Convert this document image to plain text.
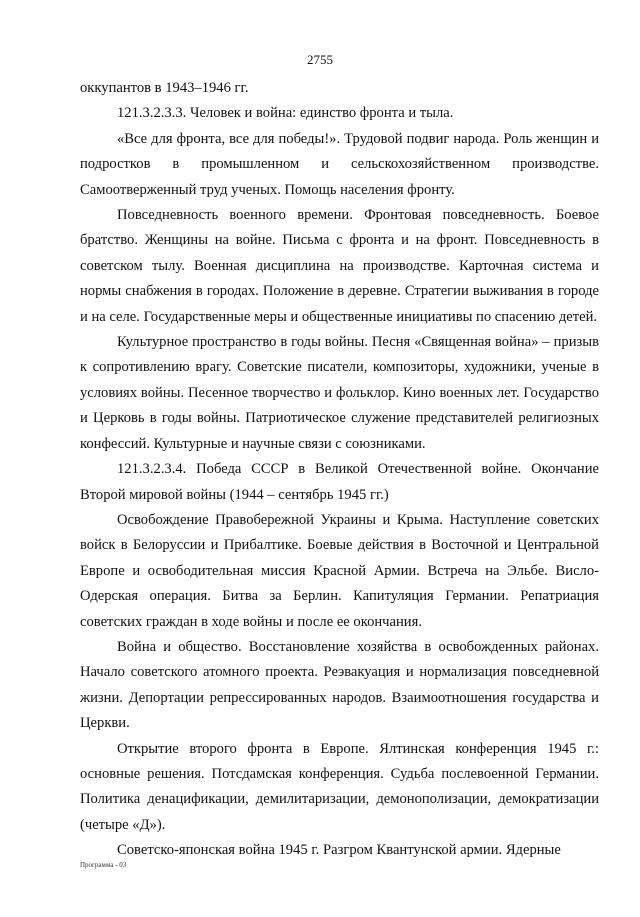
2755

оккупантов в 1943–1946 гг.

121.3.2.3.3. Человек и война: единство фронта и тыла.

«Все для фронта, все для победы!». Трудовой подвиг народа. Роль женщин и подростков в промышленном и сельскохозяйственном производстве. Самоотверженный труд ученых. Помощь населения фронту.

Повседневность военного времени. Фронтовая повседневность. Боевое братство. Женщины на войне. Письма с фронта и на фронт. Повседневность в советском тылу. Военная дисциплина на производстве. Карточная система и нормы снабжения в городах. Положение в деревне. Стратегии выживания в городе и на селе. Государственные меры и общественные инициативы по спасению детей.

Культурное пространство в годы войны. Песня «Священная война» – призыв к сопротивлению врагу. Советские писатели, композиторы, художники, ученые в условиях войны. Песенное творчество и фольклор. Кино военных лет. Государство и Церковь в годы войны. Патриотическое служение представителей религиозных конфессий. Культурные и научные связи с союзниками.

121.3.2.3.4. Победа СССР в Великой Отечественной войне. Окончание Второй мировой войны (1944 – сентябрь 1945 гг.)

Освобождение Правобережной Украины и Крыма. Наступление советских войск в Белоруссии и Прибалтике. Боевые действия в Восточной и Центральной Европе и освободительная миссия Красной Армии. Встреча на Эльбе. Висло-Одерская операция. Битва за Берлин. Капитуляция Германии. Репатриация советских граждан в ходе войны и после ее окончания.

Война и общество. Восстановление хозяйства в освобожденных районах. Начало советского атомного проекта. Реэвакуация и нормализация повседневной жизни. Депортации репрессированных народов. Взаимоотношения государства и Церкви.

Открытие второго фронта в Европе. Ялтинская конференция 1945 г.: основные решения. Потсдамская конференция. Судьба послевоенной Германии. Политика денацификации, демилитаризации, демонополизации, демократизации (четыре «Д»).

Советско-японская война 1945 г. Разгром Квантунской армии. Ядерные

Программа - 03
